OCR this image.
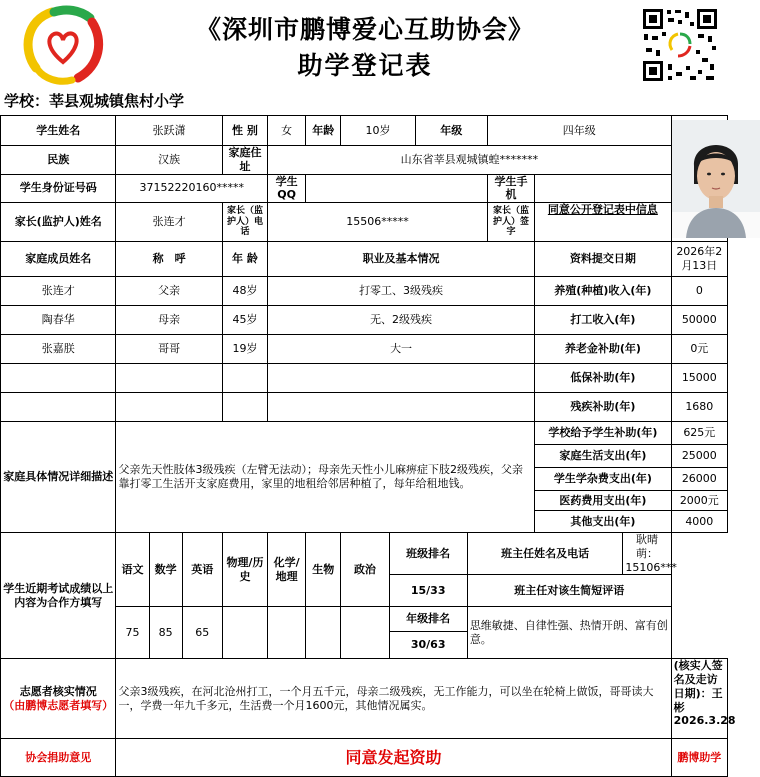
《深圳市鹏博爱心互助协会》
助学登记表
学校：莘县观城镇焦村小学
学生姓名	张跃潇			性 别	女	年龄	10岁		年级		四年级	

民族	汉族			家庭住址	山东省莘县观城镇蝗*******									
学生身份证号码	37152220160*****				学生QQ						学生手机			
家长(监护人)姓名	张连才			家长（监护人）电话	15506*****						家长（监护人）签字	同意公开登记表中信息		
家庭成员姓名	称　呼			年 龄	职业及基本情况							资料提交日期		2026年2月13日
张连才	父亲			48岁	打零工、3级残疾							养殖(种植)收入(年)		0
陶春华	母亲			45岁	无、2级残疾							打工收入(年)		50000
张嘉朕	哥哥			19岁	大一							养老金补助(年)		0元
												低保补助(年)		15000
												残疾补助(年)		1680
家庭具体情况详细描述	父亲先天性肢体3级残疾（左臂无法动）；母亲先天性小儿麻痹症下肢2级残疾，父亲靠打零工生活开支家庭费用，家里的地租给邻居种植了，每年给租地钱。											学校给予学生补助(年)		625元
												家庭生活支出(年)		25000
												学生学杂费支出(年)		26000
												医药费用支出(年)		2000元
												其他支出(年)		4000
学生近期考试成绩以上内容为合作方填写	语文	数学	英语	物理/历史	化学/地理	生物	政治	班级排名		班主任姓名及电话			耿晴萌：15106***	
								15/33		班主任对该生简短评语				
	75	85	65					年级排名		思维敏捷、自律性强、热情开朗、富有创意。				
								30/63						

志愿者核实情况
（由鹏博志愿者填写）	父亲3级残疾，在河北沧州打工，一个月五千元，母亲二级残疾，无工作能力，可以坐在轮椅上做饭，哥哥读大一，学费一年九千多元，生活费一个月1600元，其他情况属实。													(核实人签名及走访日期)：王彬 2026.3.28
协会捐助意见	同意发起资助													鹏博助学
